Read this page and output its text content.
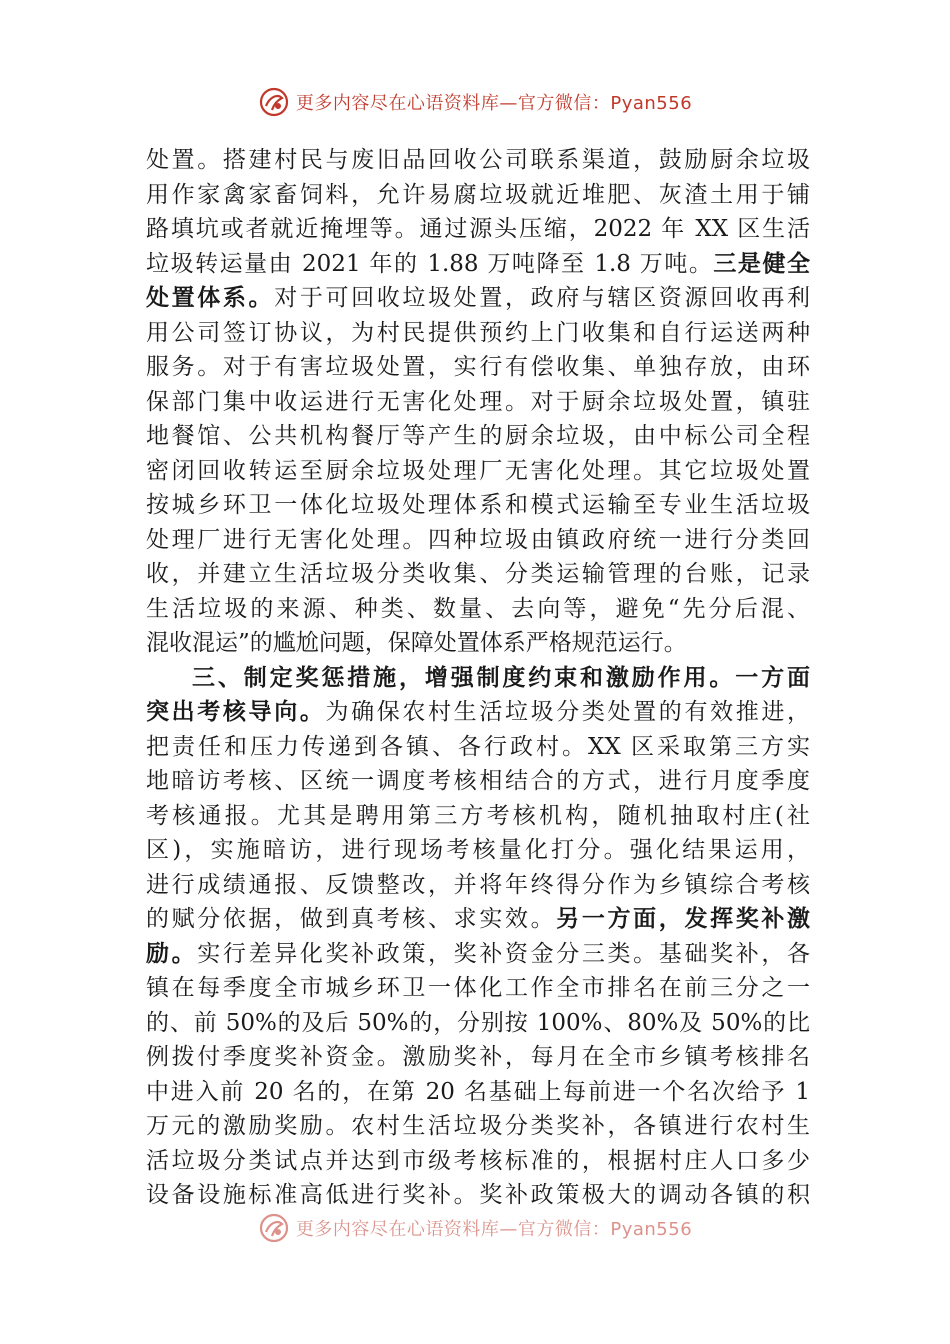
更多内容尽在心语资料库—官方微信：Pyan556
处置。搭建村民与废旧品回收公司联系渠道，鼓励厨余垃圾
用作家禽家畜饲料，允许易腐垃圾就近堆肥、灰渣土用于铺
路填坑或者就近掩埋等。通过源头压缩，2022 年 XX 区生活
垃圾转运量由 2021 年的 1.88 万吨降至 1.8 万吨。三是健全
处置体系。对于可回收垃圾处置，政府与辖区资源回收再利
用公司签订协议，为村民提供预约上门收集和自行运送两种
服务。对于有害垃圾处置，实行有偿收集、单独存放，由环
保部门集中收运进行无害化处理。对于厨余垃圾处置，镇驻
地餐馆、公共机构餐厅等产生的厨余垃圾，由中标公司全程
密闭回收转运至厨余垃圾处理厂无害化处理。其它垃圾处置
按城乡环卫一体化垃圾处理体系和模式运输至专业生活垃圾
处理厂进行无害化处理。四种垃圾由镇政府统一进行分类回
收，并建立生活垃圾分类收集、分类运输管理的台账，记录
生活垃圾的来源、种类、数量、去向等，避免“先分后混、
混收混运”的尴尬问题，保障处置体系严格规范运行。
三、制定奖惩措施，增强制度约束和激励作用。一方面
突出考核导向。为确保农村生活垃圾分类处置的有效推进，
把责任和压力传递到各镇、各行政村。XX 区采取第三方实
地暗访考核、区统一调度考核相结合的方式，进行月度季度
考核通报。尤其是聘用第三方考核机构，随机抽取村庄(社
区)，实施暗访，进行现场考核量化打分。强化结果运用，
进行成绩通报、反馈整改，并将年终得分作为乡镇综合考核
的赋分依据，做到真考核、求实效。另一方面，发挥奖补激
励。实行差异化奖补政策，奖补资金分三类。基础奖补，各
镇在每季度全市城乡环卫一体化工作全市排名在前三分之一
的、前 50%的及后 50%的，分别按 100%、80%及 50%的比
例拨付季度奖补资金。激励奖补，每月在全市乡镇考核排名
中进入前 20 名的，在第 20 名基础上每前进一个名次给予 1
万元的激励奖励。农村生活垃圾分类奖补，各镇进行农村生
活垃圾分类试点并达到市级考核标准的，根据村庄人口多少
设备设施标准高低进行奖补。奖补政策极大的调动各镇的积
更多内容尽在心语资料库—官方微信：Pyan556
